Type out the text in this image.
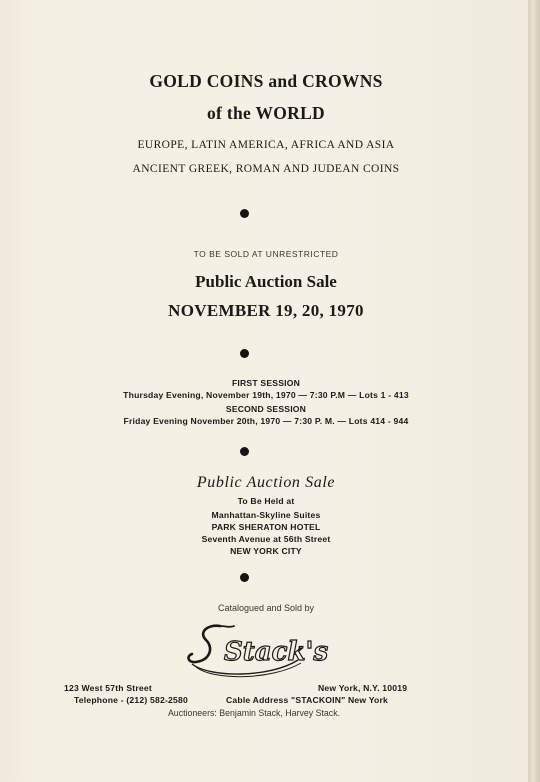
GOLD COINS and CROWNS
of the WORLD
EUROPE, LATIN AMERICA, AFRICA AND ASIA
ANCIENT GREEK, ROMAN AND JUDEAN COINS
TO BE SOLD AT UNRESTRICTED
Public Auction Sale
NOVEMBER 19, 20, 1970
FIRST SESSION
Thursday Evening, November 19th, 1970 — 7:30 P.M — Lots 1 - 413
SECOND SESSION
Friday Evening November 20th, 1970 — 7:30 P. M. — Lots 414 - 944
Public Auction Sale
To Be Held at
Manhattan-Skyline Suites
PARK SHERATON HOTEL
Seventh Avenue at 56th Street
NEW YORK CITY
Catalogued and Sold by
Stack's
123 West 57th Street	New York, N.Y. 10019
Telephone - (212) 582-2580	Cable Address "STACKOIN" New York
Auctioneers: Benjamin Stack, Harvey Stack.
